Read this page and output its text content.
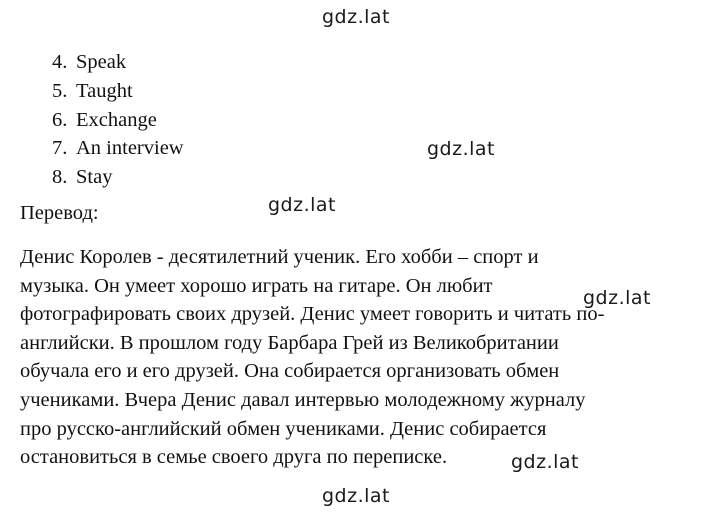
gdz.lat
4. Speak
5. Taught
6. Exchange
7. An interview
8. Stay
gdz.lat
Перевод:	gdz.lat
Денис Королев - десятилетний ученик. Его хобби – спорт и
музыка. Он умеет хорошо играть на гитаре. Он любит
фотографировать своих друзей. Денис умеет говорить и читать по-
английски. В прошлом году Барбара Грей из Великобритании
обучала его и его друзей. Она собирается организовать обмен
учениками. Вчера Денис давал интервью молодежному журналу
про русско-английский обмен учениками. Денис собирается
остановиться в семье своего друга по переписке.
gdz.lat
gdz.lat
gdz.lat
